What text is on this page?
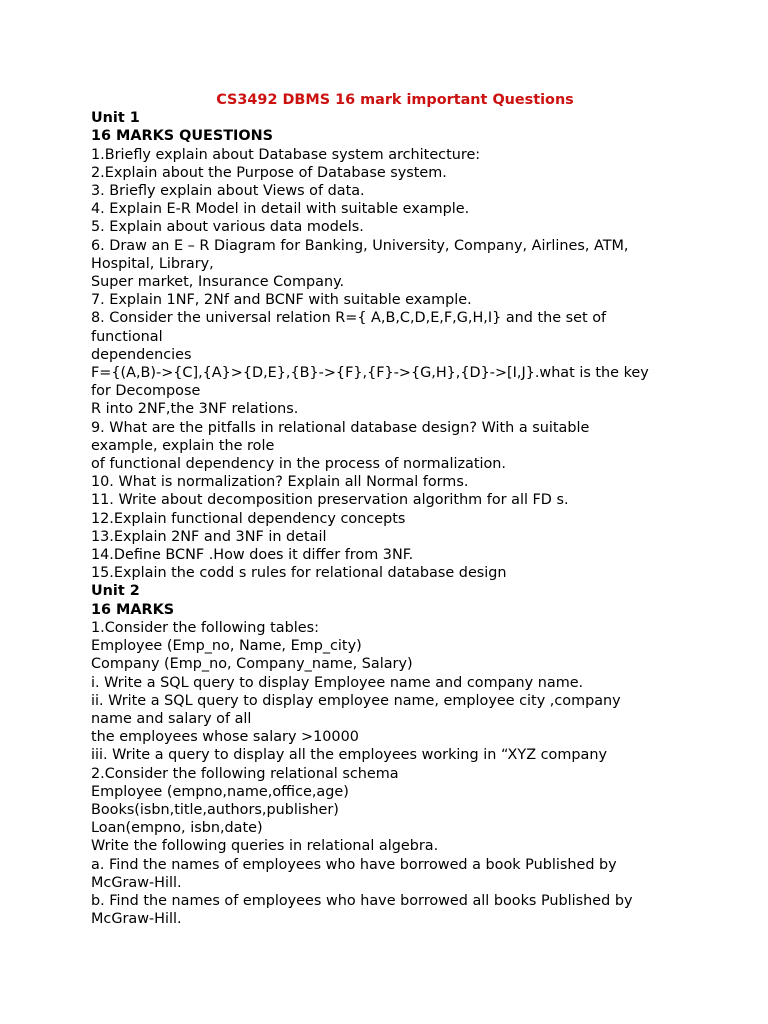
CS3492 DBMS 16 mark important Questions
Unit 1
16 MARKS QUESTIONS
1.Briefly explain about Database system architecture:
2.Explain about the Purpose of Database system.
3. Briefly explain about Views of data.
4. Explain E-R Model in detail with suitable example.
5. Explain about various data models.
6. Draw an E – R Diagram for Banking, University, Company, Airlines, ATM,
Hospital, Library,
Super market, Insurance Company.
7. Explain 1NF, 2Nf and BCNF with suitable example.
8. Consider the universal relation R={ A,B,C,D,E,F,G,H,I} and the set of
functional
dependencies
F={(A,B)->{C],{A}>{D,E},{B}->{F},{F}->{G,H},{D}->[I,J}.what is the key
for Decompose
R into 2NF,the 3NF relations.
9. What are the pitfalls in relational database design? With a suitable
example, explain the role
of functional dependency in the process of normalization.
10. What is normalization? Explain all Normal forms.
11. Write about decomposition preservation algorithm for all FD s.
12.Explain functional dependency concepts
13.Explain 2NF and 3NF in detail
14.Define BCNF .How does it differ from 3NF.
15.Explain the codd s rules for relational database design
Unit 2
16 MARKS
1.Consider the following tables:
Employee (Emp_no, Name, Emp_city)
Company (Emp_no, Company_name, Salary)
i. Write a SQL query to display Employee name and company name.
ii. Write a SQL query to display employee name, employee city ,company
name and salary of all
the employees whose salary >10000
iii. Write a query to display all the employees working in “XYZ company
2.Consider the following relational schema
Employee (empno,name,office,age)
Books(isbn,title,authors,publisher)
Loan(empno, isbn,date)
Write the following queries in relational algebra.
a. Find the names of employees who have borrowed a book Published by
McGraw-Hill.
b. Find the names of employees who have borrowed all books Published by
McGraw-Hill.
